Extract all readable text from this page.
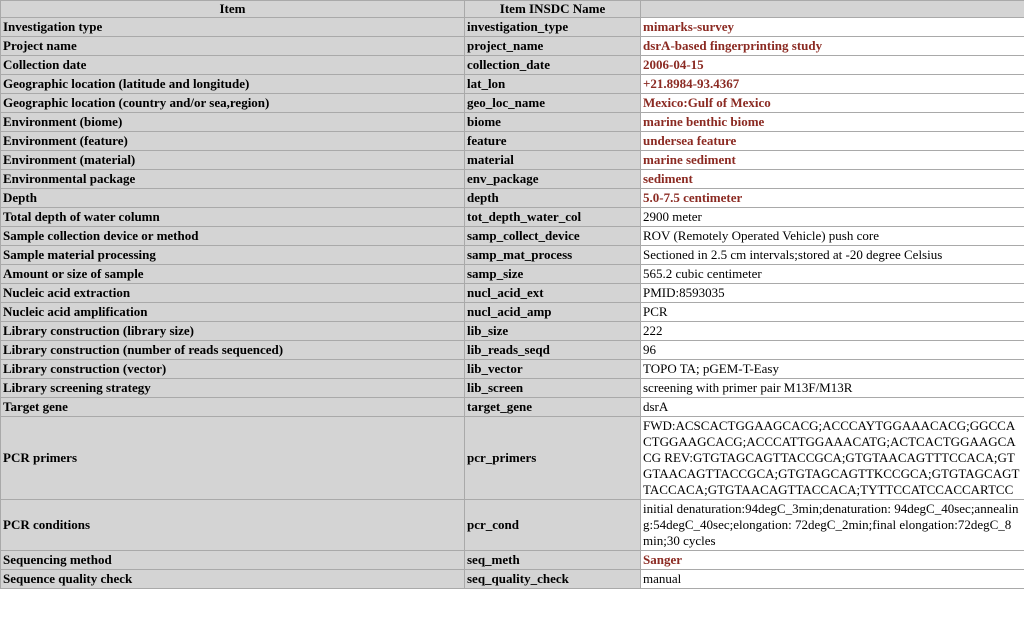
Item	Item INSDC Name	
Investigation type	investigation_type	mimarks-survey
Project name	project_name	dsrA-based fingerprinting study
Collection date	collection_date	2006-04-15
Geographic location (latitude and longitude)	lat_lon	+21.8984-93.4367
Geographic location (country and/or sea,region)	geo_loc_name	Mexico:Gulf of Mexico
Environment (biome)	biome	marine benthic biome
Environment (feature)	feature	undersea feature
Environment (material)	material	marine sediment
Environmental package	env_package	sediment
Depth	depth	5.0-7.5 centimeter
Total depth of water column	tot_depth_water_col	2900 meter
Sample collection device or method	samp_collect_device	ROV (Remotely Operated Vehicle) push core
Sample material processing	samp_mat_process	Sectioned in 2.5 cm intervals;stored at -20 degree Celsius
Amount or size of sample	samp_size	565.2 cubic centimeter
Nucleic acid extraction	nucl_acid_ext	PMID:8593035
Nucleic acid amplification	nucl_acid_amp	PCR
Library construction (library size)	lib_size	222
Library construction (number of reads sequenced)	lib_reads_seqd	96
Library construction (vector)	lib_vector	TOPO TA; pGEM-T-Easy
Library screening strategy	lib_screen	screening with primer pair M13F/M13R
Target gene	target_gene	dsrA
PCR primers	pcr_primers	FWD:ACSCACTGGAAGCACG;ACCCAYTGGAAACACG;GGCCACTGGAAGCACG;ACCCATTGGAAACATG;ACTCACTGGAAGCACG REV:GTGTAGCAGTTACCGCA;GTGTAACAGTTTCCACA;GTGTAACAGTTACCGCA;GTGTAGCAGTTKCCGCA;GTGTAGCAGTTACCACA;GTGTAACAGTTACCACA;TYTTCCATCCACCARTCC
PCR conditions	pcr_cond	initial denaturation:94degC_3min;denaturation: 94degC_40sec;annealing:54degC_40sec;elongation: 72degC_2min;final elongation:72degC_8 min;30 cycles
Sequencing method	seq_meth	Sanger
Sequence quality check	seq_quality_check	manual
